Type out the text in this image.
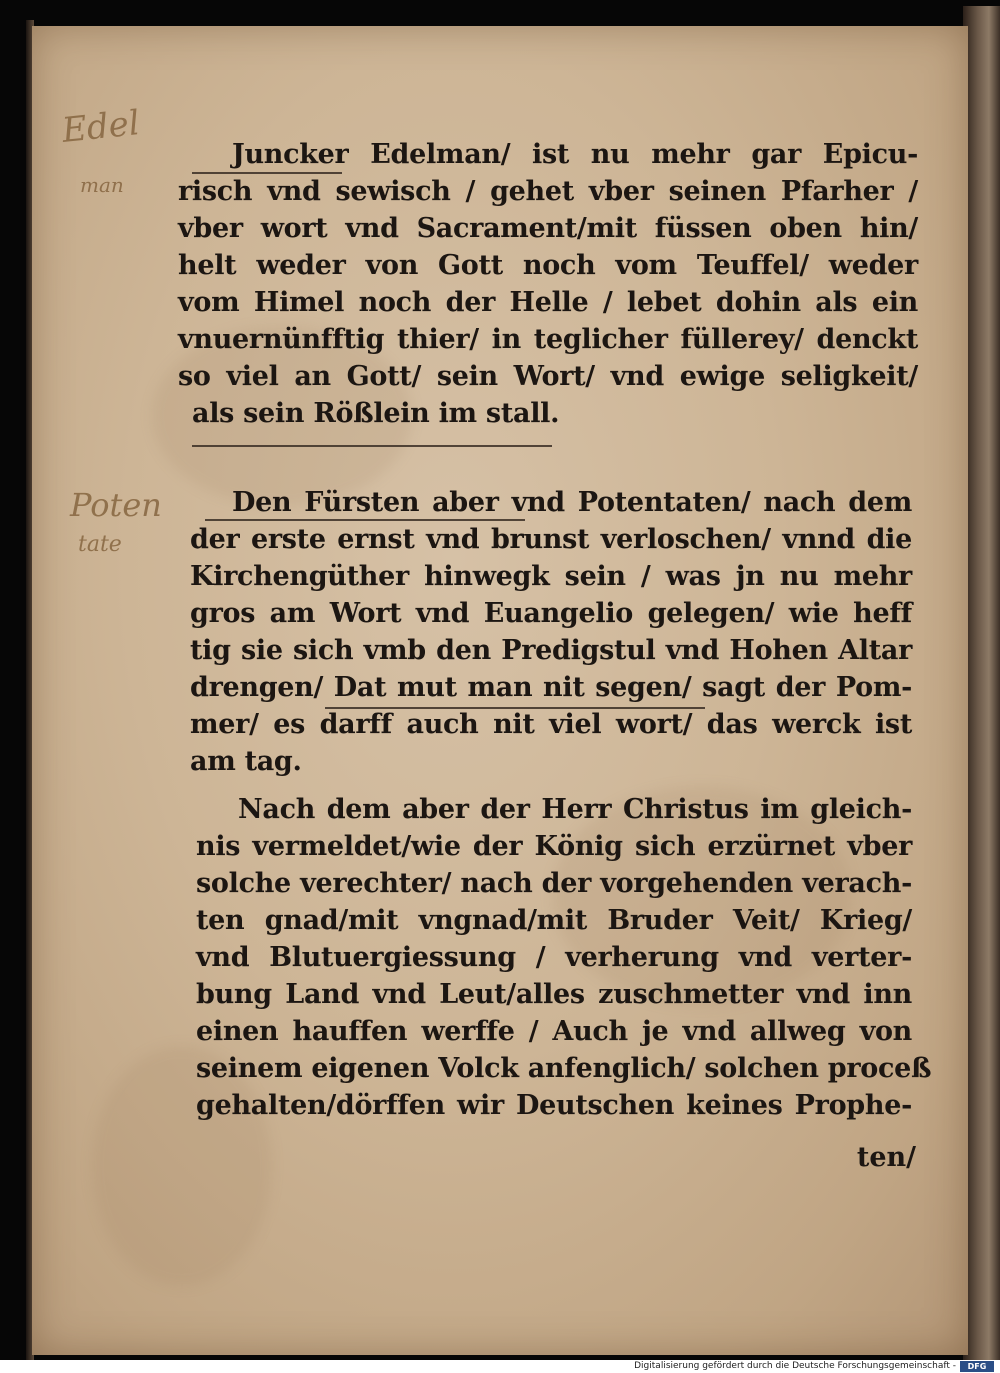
Edel
man
Poten
tate
Juncker Edelman/ ist nu mehr gar Epicu‑
risch vnd sewisch / gehet vber seinen Pfarher /
vber wort vnd Sacrament/mit füssen oben hin/
helt weder von Gott noch vom Teuffel/ weder
vom Himel noch der Helle / lebet dohin als ein
vnuernünfftig thier/ in teglicher füllerey/ denckt
so viel an Gott/ sein Wort/ vnd ewige seligkeit/
als sein Rößlein im stall.
Den Fürsten aber vnd Potentaten/ nach dem
der erste ernst vnd brunst verloschen/ vnnd die
Kirchengüther hinwegk sein / was jn nu mehr
gros am Wort vnd Euangelio gelegen/ wie heff
tig sie sich vmb den Predigstul vnd Hohen Altar
drengen/ Dat mut man nit segen/ sagt der Pom‑
mer/ es darff auch nit viel wort/ das werck ist
am tag.
Nach dem aber der Herr Christus im gleich‑
nis vermeldet/wie der König sich erzürnet vber
solche verechter/ nach der vorgehenden verach‑
ten gnad/mit vngnad/mit Bruder Veit/ Krieg/
vnd Blutuergiessung / verherung vnd verter‑
bung Land vnd Leut/alles zuschmetter vnd inn
einen hauffen werffe / Auch je vnd allweg von
seinem eigenen Volck anfenglich/ solchen proceß
gehalten/dörffen wir Deutschen keines Prophe‑
ten/
Digitalisierung gefördert durch die Deutsche Forschungsgemeinschaft -	DFG
